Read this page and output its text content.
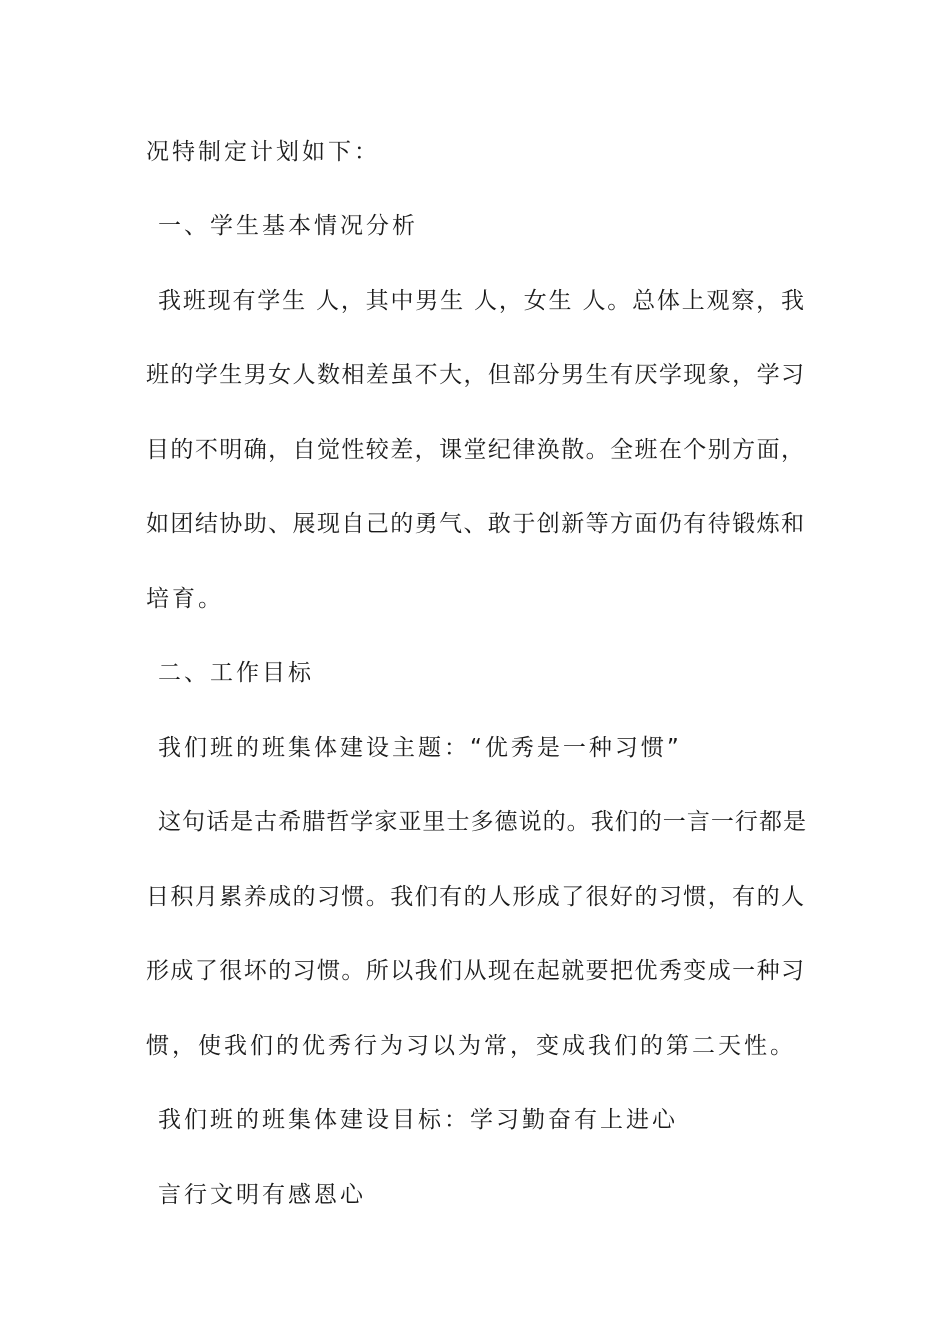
况特制定计划如下：
一、学生基本情况分析
我班现有学生 人，其中男生 人，女生 人。总体上观察，我
班的学生男女人数相差虽不大，但部分男生有厌学现象，学习
目的不明确，自觉性较差，课堂纪律涣散。全班在个别方面，
如团结协助、展现自己的勇气、敢于创新等方面仍有待锻炼和
培育。
二、工作目标
我们班的班集体建设主题：“优秀是一种习惯”
这句话是古希腊哲学家亚里士多德说的。我们的一言一行都是
日积月累养成的习惯。我们有的人形成了很好的习惯，有的人
形成了很坏的习惯。所以我们从现在起就要把优秀变成一种习
惯，使我们的优秀行为习以为常，变成我们的第二天性。
我们班的班集体建设目标：学习勤奋有上进心
言行文明有感恩心
